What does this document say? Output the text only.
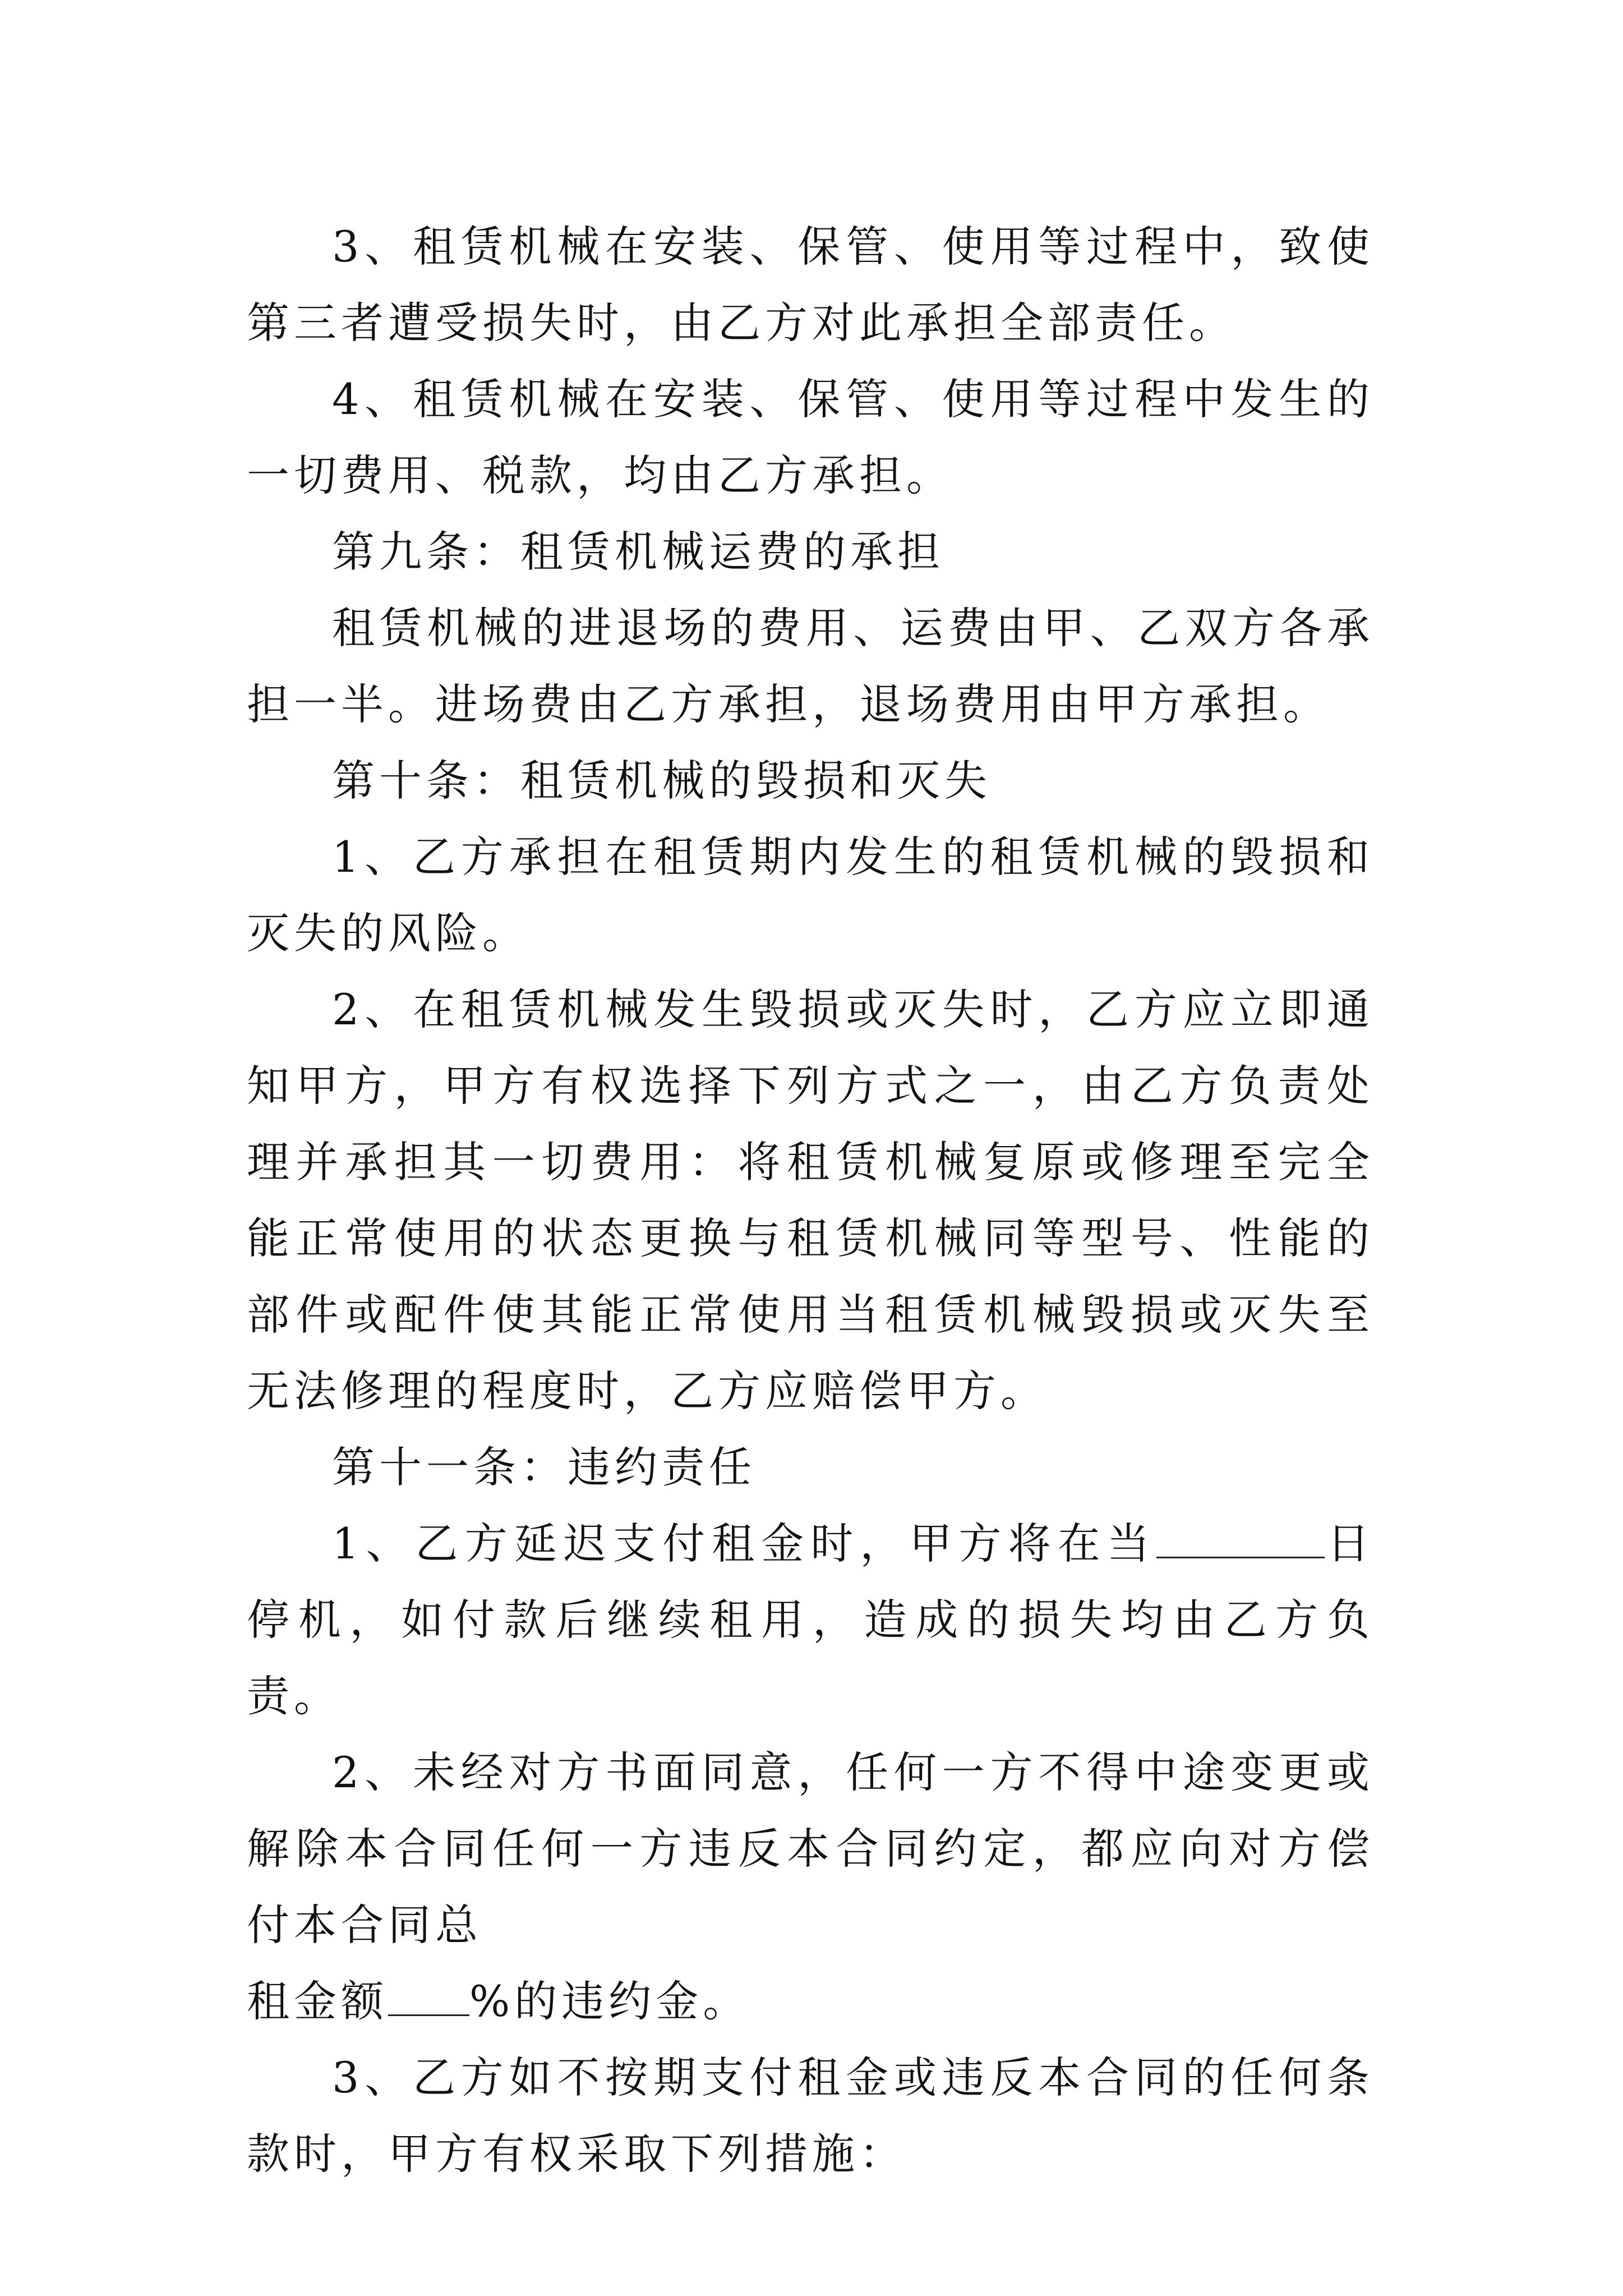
3、租赁机械在安装、保管、使用等过程中，致使第三者遭受损失时，由乙方对此承担全部责任。

4、租赁机械在安装、保管、使用等过程中发生的一切费用、税款，均由乙方承担。

第九条：租赁机械运费的承担

租赁机械的进退场的费用、运费由甲、乙双方各承担一半。进场费由乙方承担，退场费用由甲方承担。

第十条：租赁机械的毁损和灭失

1、乙方承担在租赁期内发生的租赁机械的毁损和灭失的风险。

2、在租赁机械发生毁损或灭失时，乙方应立即通知甲方，甲方有权选择下列方式之一，由乙方负责处理并承担其一切费用：将租赁机械复原或修理至完全能正常使用的状态更换与租赁机械同等型号、性能的部件或配件使其能正常使用当租赁机械毁损或灭失至无法修理的程度时，乙方应赔偿甲方。

第十一条：违约责任

1、乙方延迟支付租金时，甲方将在当	日停机，如付款后继续租用，造成的损失均由乙方负责。

2、未经对方书面同意，任何一方不得中途变更或解除本合同任何一方违反本合同约定，都应向对方偿付本合同总

租金额 %的违约金。

3、乙方如不按期支付租金或违反本合同的任何条款时，甲方有权采取下列措施：
